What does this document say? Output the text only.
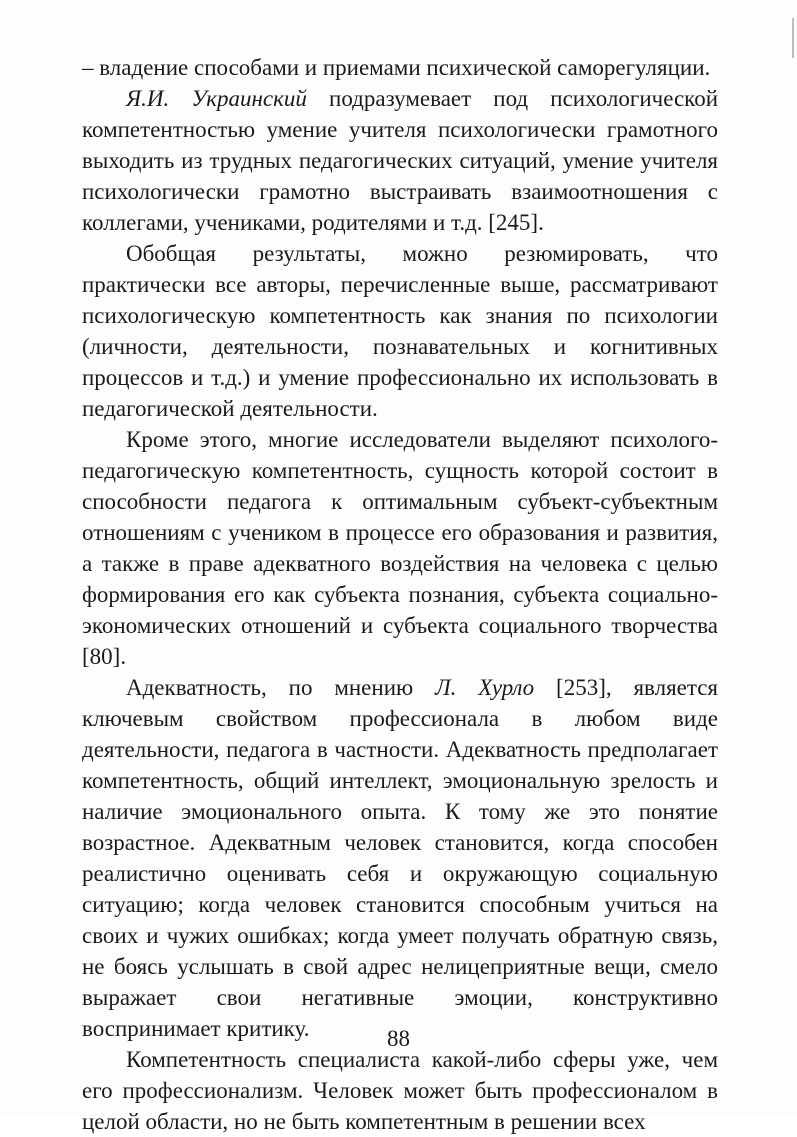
– владение способами и приемами психической саморегуляции.

Я.И. Украинский подразумевает под психологической компетентностью умение учителя психологически грамотного выходить из трудных педагогических ситуаций, умение учителя психологически грамотно выстраивать взаимоотношения с коллегами, учениками, родителями и т.д. [245].

Обобщая результаты, можно резюмировать, что практически все авторы, перечисленные выше, рассматривают психологическую компетентность как знания по психологии (личности, деятельности, познавательных и когнитивных процессов и т.д.) и умение профессионально их использовать в педагогической деятельности.

Кроме этого, многие исследователи выделяют психолого-педагогическую компетентность, сущность которой состоит в способности педагога к оптимальным субъект-субъектным отношениям с учеником в процессе его образования и развития, а также в праве адекватного воздействия на человека с целью формирования его как субъекта познания, субъекта социально-экономических отношений и субъекта социального творчества [80].

Адекватность, по мнению Л. Хурло [253], является ключевым свойством профессионала в любом виде деятельности, педагога в частности. Адекватность предполагает компетентность, общий интеллект, эмоциональную зрелость и наличие эмоционального опыта. К тому же это понятие возрастное. Адекватным человек становится, когда способен реалистично оценивать себя и окружающую социальную ситуацию; когда человек становится способным учиться на своих и чужих ошибках; когда умеет получать обратную связь, не боясь услышать в свой адрес нелицеприятные вещи, смело выражает свои негативные эмоции, конструктивно воспринимает критику.

Компетентность специалиста какой-либо сферы уже, чем его профессионализм. Человек может быть профессионалом в целой области, но не быть компетентным в решении всех

88
